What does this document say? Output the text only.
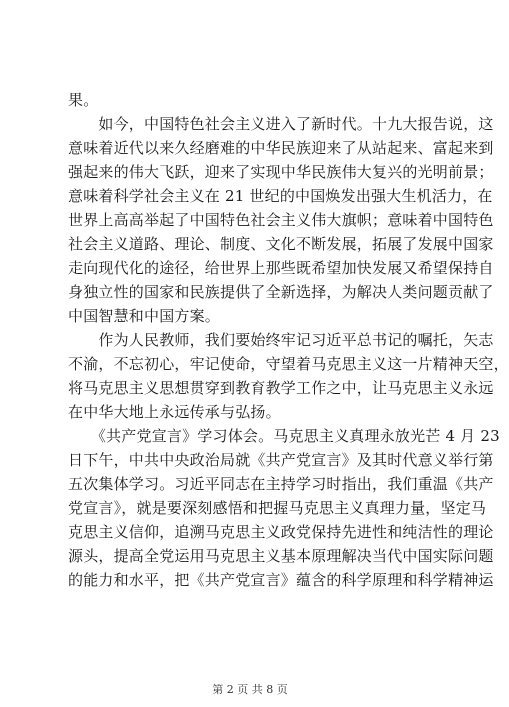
果。
　　如今，中国特色社会主义进入了新时代。十九大报告说，这
意味着近代以来久经磨难的中华民族迎来了从站起来、富起来到
强起来的伟大飞跃，迎来了实现中华民族伟大复兴的光明前景；
意味着科学社会主义在 21 世纪的中国焕发出强大生机活力，在
世界上高高举起了中国特色社会主义伟大旗帜；意味着中国特色
社会主义道路、理论、制度、文化不断发展，拓展了发展中国家
走向现代化的途径，给世界上那些既希望加快发展又希望保持自
身独立性的国家和民族提供了全新选择，为解决人类问题贡献了
中国智慧和中国方案。
　　作为人民教师，我们要始终牢记习近平总书记的嘱托，矢志
不渝，不忘初心，牢记使命，守望着马克思主义这一片精神天空，
将马克思主义思想贯穿到教育教学工作之中，让马克思主义永远
在中华大地上永远传承与弘扬。
　　《共产党宣言》学习体会。马克思主义真理永放光芒 4 月 23
日下午，中共中央政治局就《共产党宣言》及其时代意义举行第
五次集体学习。习近平同志在主持学习时指出，我们重温《共产
党宣言》，就是要深刻感悟和把握马克思主义真理力量，坚定马
克思主义信仰，追溯马克思主义政党保持先进性和纯洁性的理论
源头，提高全党运用马克思主义基本原理解决当代中国实际问题
的能力和水平，把《共产党宣言》蕴含的科学原理和科学精神运
第 2 页 共 8 页
